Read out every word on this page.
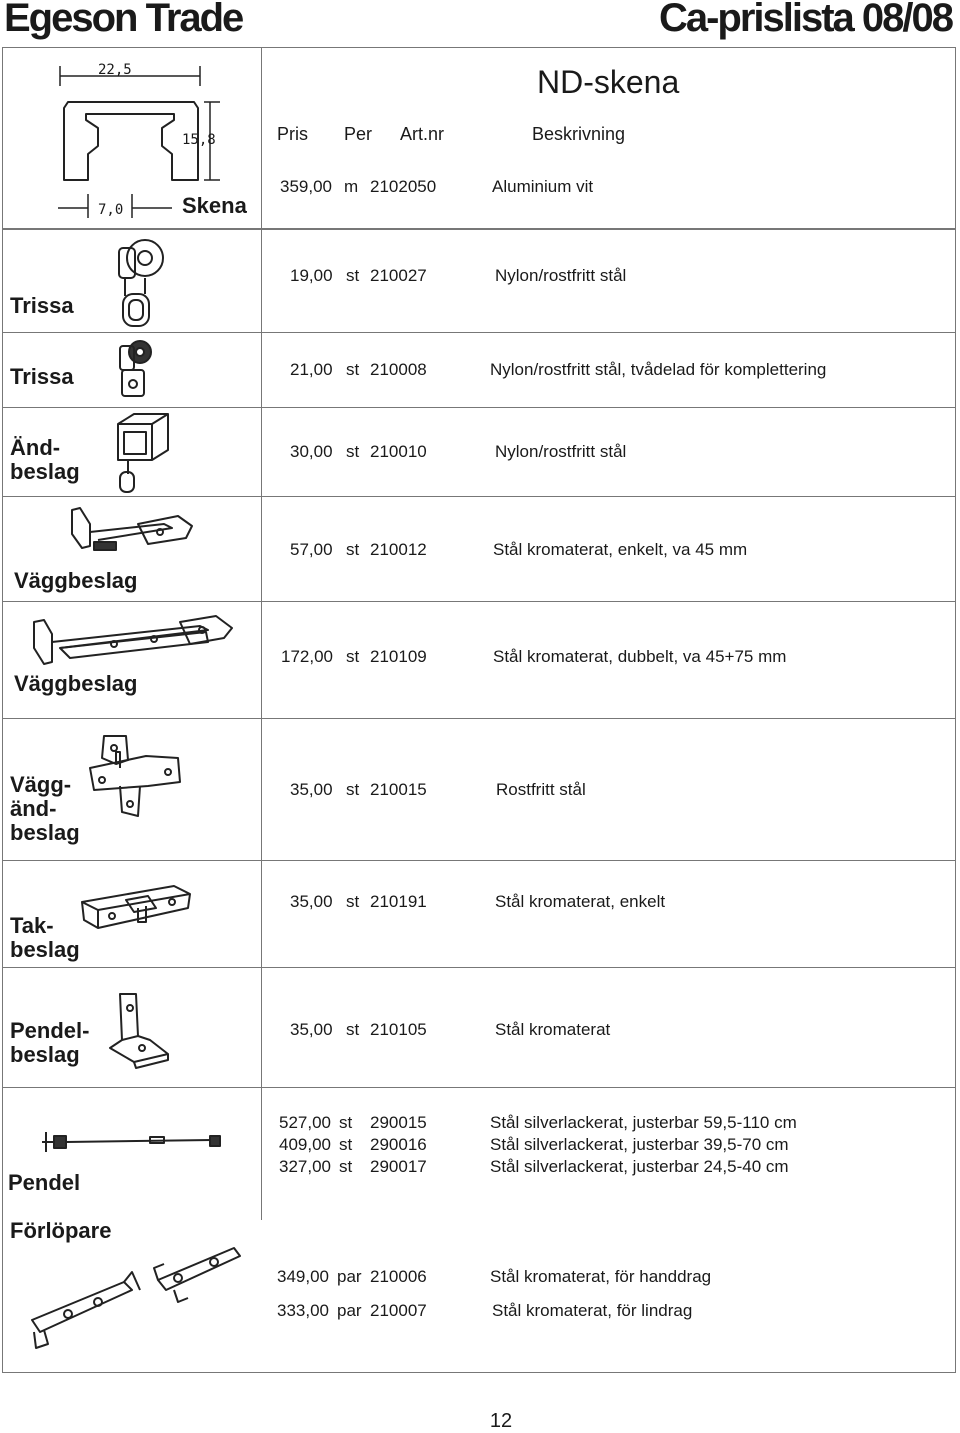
Egeson Trade	Ca-prislista 08/08
ND-skena
Pris Per Art.nr	Beskrivning
22,5
15,8
7,0	Skena
359,00 m 2102050	Aluminium vit
Trissa
19,00 st 210027	Nylon/rostfritt stål
Trissa	21,00 st 210008	Nylon/rostfritt stål, tvådelad för komplettering
Änd-
beslag
30,00 st 210010	Nylon/rostfritt stål
Väggbeslag
57,00 st 210012	Stål kromaterat, enkelt, va 45 mm
Väggbeslag
172,00 st 210109	Stål kromaterat, dubbelt, va 45+75 mm
Vägg-
änd-
beslag
35,00 st 210015	Rostfritt stål
Tak-
beslag
35,00 st 210191	Stål kromaterat, enkelt
Pendel-
beslag
35,00 st 210105	Stål kromaterat
Pendel
527,00 st 290015	Stål silverlackerat, justerbar 59,5-110 cm
409,00 st 290016	Stål silverlackerat, justerbar 39,5-70 cm
327,00 st 290017	Stål silverlackerat, justerbar 24,5-40 cm
Förlöpare
349,00 par 210006	Stål kromaterat, för handdrag
333,00 par 210007	Stål kromaterat, för lindrag
12
